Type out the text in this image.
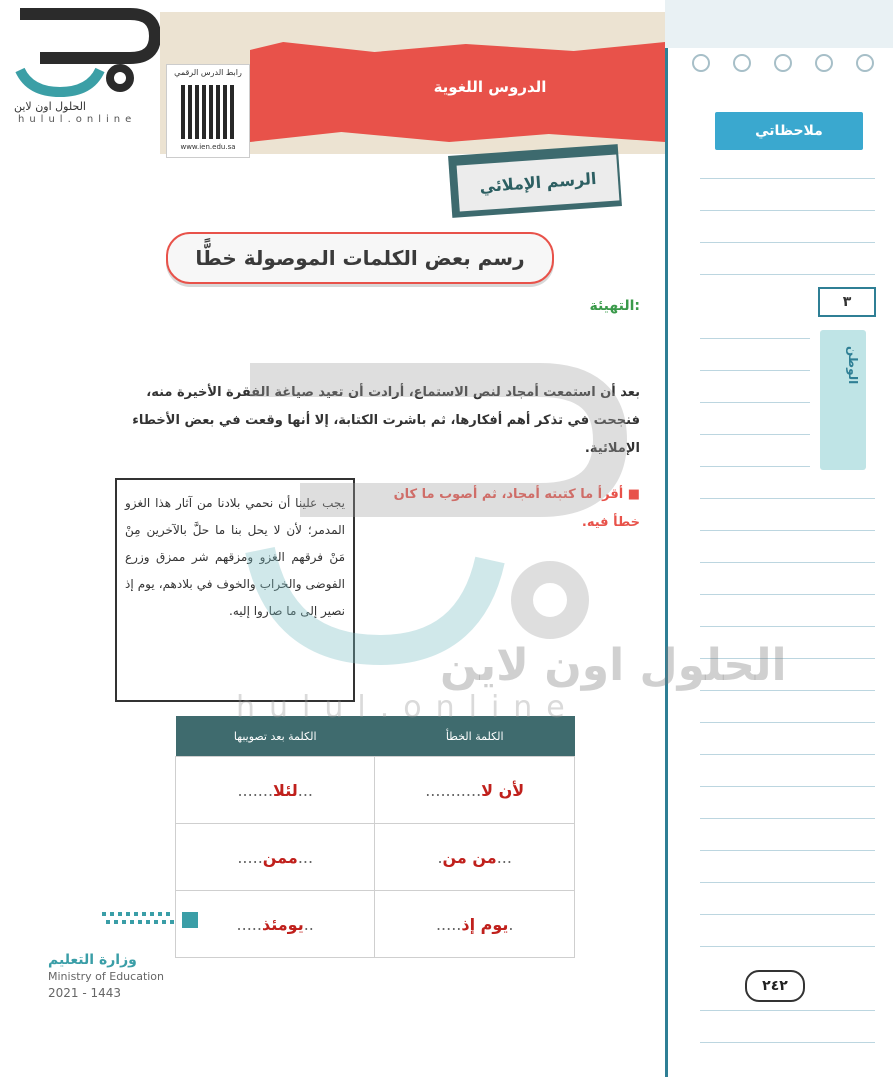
الحلول اون لاين
hulul.online
الدروس اللغوية
رابط الدرس الرقمي
www.ien.edu.sa
ملاحظاتي
٣
الوطن
٢٤٢
الرسم الإملائي
رسم بعض الكلمات الموصولة خطًّا
التهيئة:
بعد أن استمعت أمجاد لنص الاستماع، أرادت أن تعيد صياغة الفقرة الأخيرة منه،
فنجحت في تذكر أهم أفكارها، ثم باشرت الكتابة، إلا أنها وقعت في بعض الأخطاء
الإملائية.
■ أقرأ ما كتبته أمجاد، ثم أصوب ما كان
خطأ فيه.
يجب علينا أن نحمي بلادنا من آثار هذا الغزو المدمر؛ لأن لا يحل بنا ما حلَّ بالآخرين مِنْ مَنْ فرقهم الغزو ومزقهم شر ممزق وزرع الفوضى والخراب والخوف في بلادهم، يوم إذ نصير إلى ما صاروا إليه.
الكلمة بعد تصويبها	الكلمة الخطأ
.......لئلا...	...........لأن لا
.....ممن...	.من من...
.....يومئذ..	.....يوم إذ.
وزارة التعليم
Ministry of Education
2021 - 1443
الحلول اون لاين
hulul.online
